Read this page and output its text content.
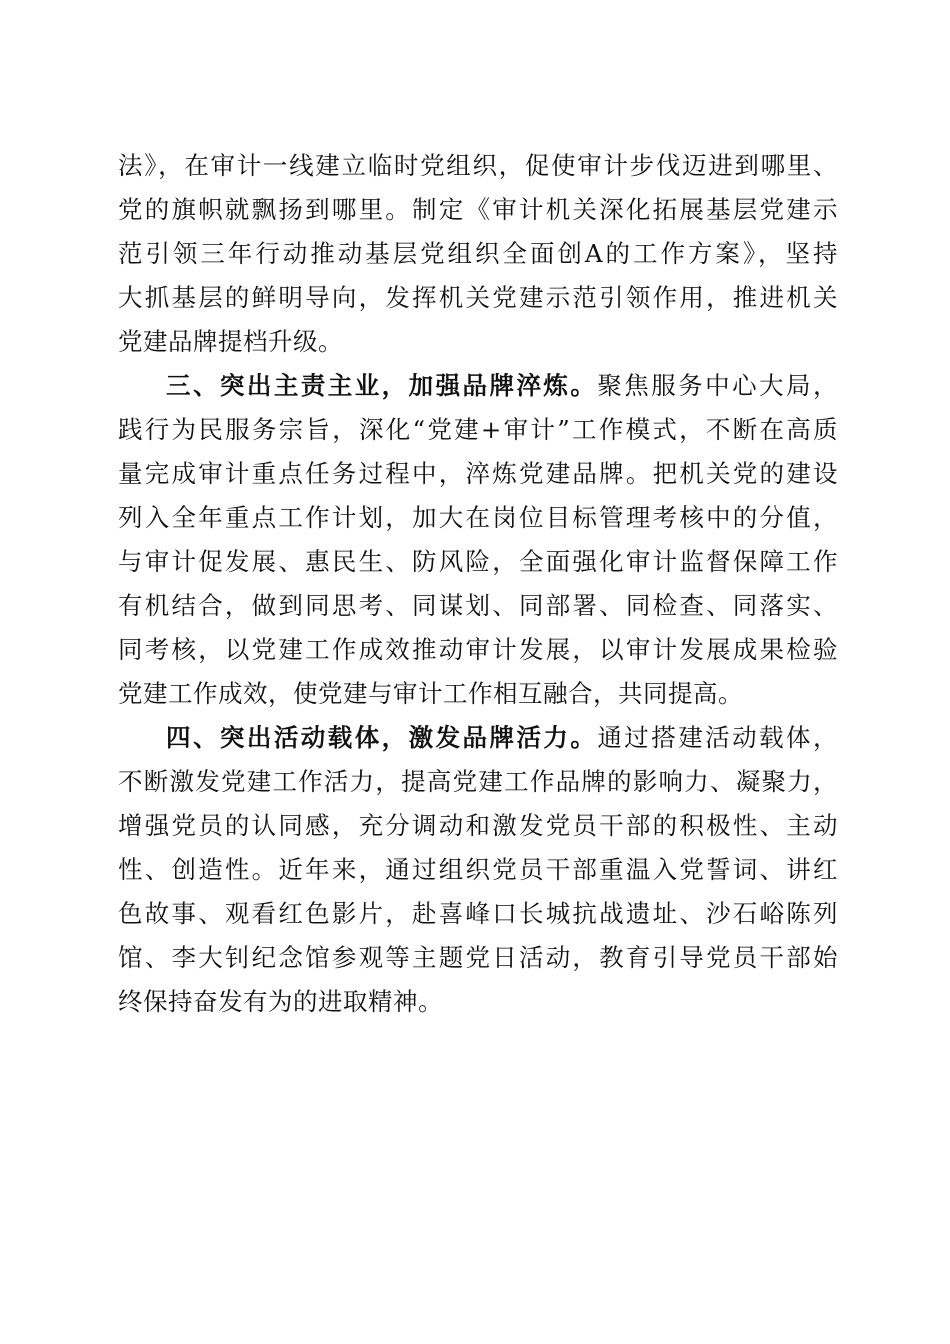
法》，在审计一线建立临时党组织，促使审计步伐迈进到哪里、
党的旗帜就飘扬到哪里。制定《审计机关深化拓展基层党建示
范引领三年行动推动基层党组织全面创A的工作方案》，坚持
大抓基层的鲜明导向，发挥机关党建示范引领作用，推进机关
党建品牌提档升级。
三、突出主责主业，加强品牌淬炼。聚焦服务中心大局，
践行为民服务宗旨，深化“党建+审计”工作模式，不断在高质
量完成审计重点任务过程中，淬炼党建品牌。把机关党的建设
列入全年重点工作计划，加大在岗位目标管理考核中的分值，
与审计促发展、惠民生、防风险，全面强化审计监督保障工作
有机结合，做到同思考、同谋划、同部署、同检查、同落实、
同考核，以党建工作成效推动审计发展，以审计发展成果检验
党建工作成效，使党建与审计工作相互融合，共同提高。
四、突出活动载体，激发品牌活力。通过搭建活动载体，
不断激发党建工作活力，提高党建工作品牌的影响力、凝聚力，
增强党员的认同感，充分调动和激发党员干部的积极性、主动
性、创造性。近年来，通过组织党员干部重温入党誓词、讲红
色故事、观看红色影片，赴喜峰口长城抗战遗址、沙石峪陈列
馆、李大钊纪念馆参观等主题党日活动，教育引导党员干部始
终保持奋发有为的进取精神。
